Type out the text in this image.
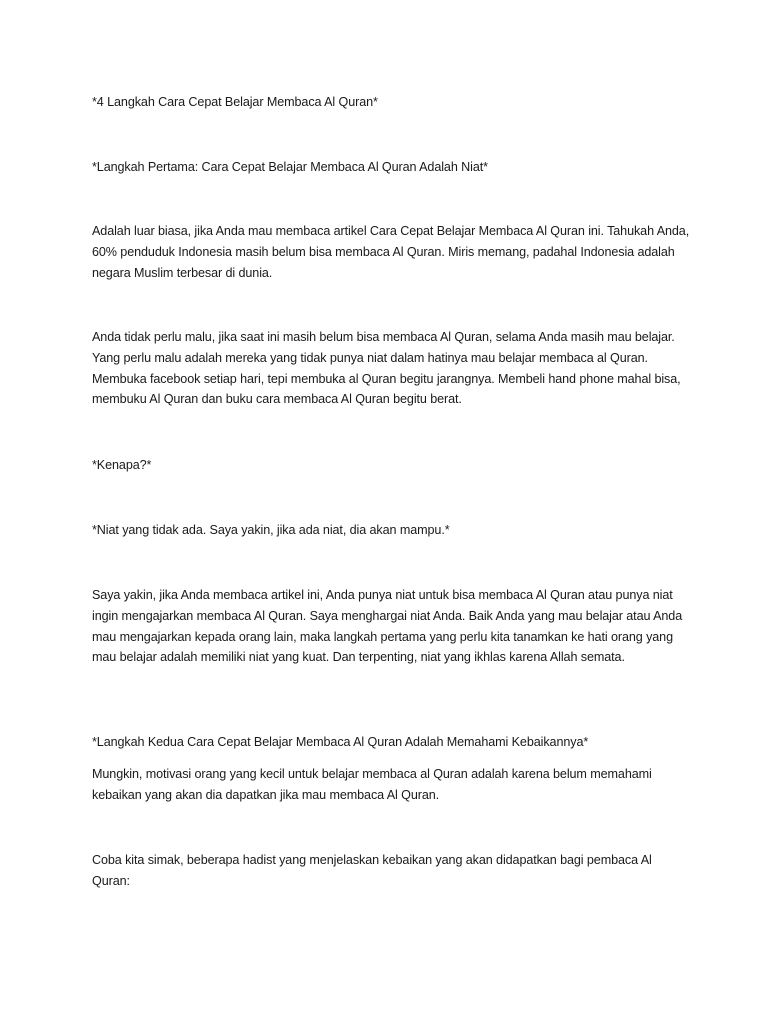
*4 Langkah Cara Cepat Belajar Membaca Al Quran*

*Langkah Pertama: Cara Cepat Belajar Membaca Al Quran Adalah Niat*

Adalah luar biasa, jika Anda mau membaca artikel Cara Cepat Belajar Membaca Al Quran ini. Tahukah Anda, 60% penduduk Indonesia masih belum bisa membaca Al Quran. Miris memang, padahal Indonesia adalah negara Muslim terbesar di dunia.

Anda tidak perlu malu, jika saat ini masih belum bisa membaca Al Quran, selama Anda masih mau belajar. Yang perlu malu adalah mereka yang tidak punya niat dalam hatinya mau belajar membaca al Quran. Membuka facebook setiap hari, tepi membuka al Quran begitu jarangnya. Membeli hand phone mahal bisa, membuku Al Quran dan buku cara membaca Al Quran begitu berat.

*Kenapa?*

*Niat yang tidak ada. Saya yakin, jika ada niat, dia akan mampu.*

Saya yakin, jika Anda membaca artikel ini, Anda punya niat untuk bisa membaca Al Quran atau punya niat ingin mengajarkan membaca Al Quran. Saya menghargai niat Anda. Baik Anda yang mau belajar atau Anda mau mengajarkan kepada orang lain, maka langkah pertama yang perlu kita tanamkan ke hati orang yang mau belajar adalah memiliki niat yang kuat. Dan terpenting, niat yang ikhlas karena Allah semata.

*Langkah Kedua Cara Cepat Belajar Membaca Al Quran Adalah Memahami Kebaikannya*

Mungkin, motivasi orang yang kecil untuk belajar membaca al Quran adalah karena belum memahami kebaikan yang akan dia dapatkan jika mau membaca Al Quran.

Coba kita simak, beberapa hadist yang menjelaskan kebaikan yang akan didapatkan bagi pembaca Al Quran:
